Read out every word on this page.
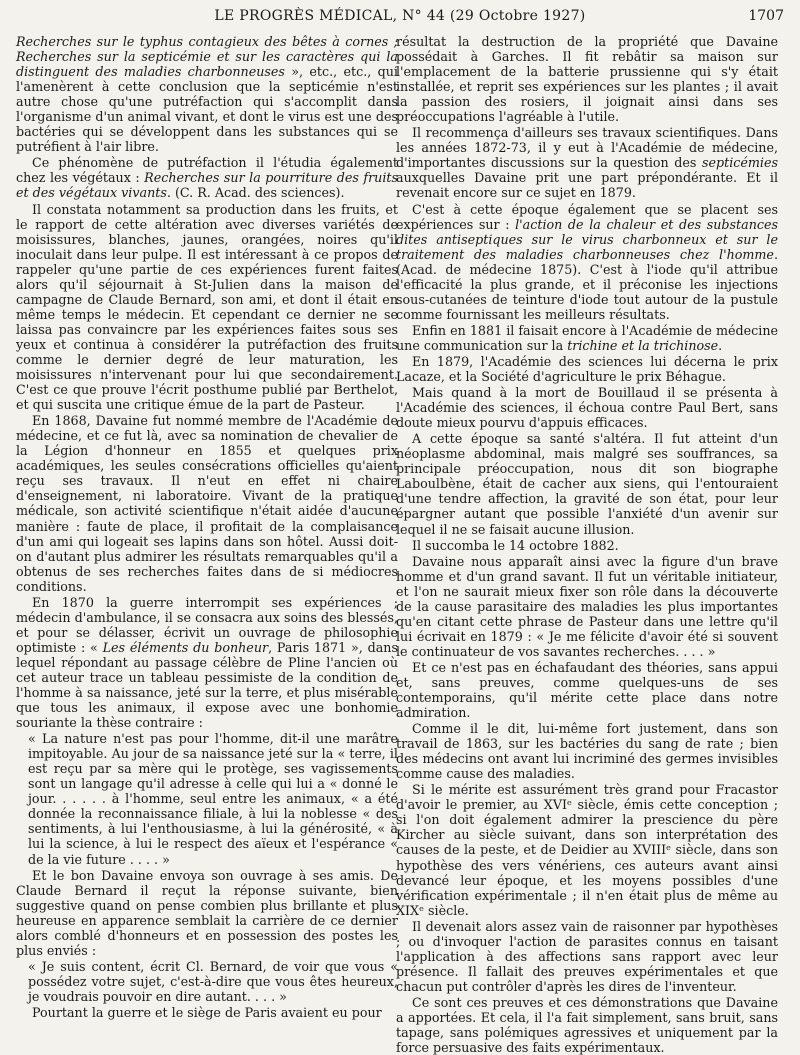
LE PROGRÈS MÉDICAL, N° 44 (29 Octobre 1927)	1707

Recherches sur le typhus contagieux des bêtes à cornes ; Recherches sur la septicémie et sur les caractères qui la distinguent des maladies charbonneuses », etc., etc., qui l'amenèrent à cette conclusion que la septicémie n'est autre chose qu'une putréfaction qui s'accomplit dans l'organisme d'un animal vivant, et dont le virus est une des bactéries qui se développent dans les substances qui se putréfient à l'air libre.

Ce phénomène de putréfaction il l'étudia également chez les végétaux : Recherches sur la pourriture des fruits et des végétaux vivants. (C. R. Acad. des sciences).

Il constata notamment sa production dans les fruits, et le rapport de cette altération avec diverses variétés de moisissures, blanches, jaunes, orangées, noires qu'il inoculait dans leur pulpe. Il est intéressant à ce propos de rappeler qu'une partie de ces expériences furent faites alors qu'il séjournait à St-Julien dans la maison de campagne de Claude Bernard, son ami, et dont il était en même temps le médecin. Et cependant ce dernier ne se laissa pas convaincre par les expériences faites sous ses yeux et continua à considérer la putréfaction des fruits comme le dernier degré de leur maturation, les moisissures n'intervenant pour lui que secondairement. C'est ce que prouve l'écrit posthume publié par Berthelot, et qui suscita une critique émue de la part de Pasteur.

En 1868, Davaine fut nommé membre de l'Académie de médecine, et ce fut là, avec sa nomination de chevalier de la Légion d'honneur en 1855 et quelques prix académiques, les seules consécrations officielles qu'aient reçu ses travaux. Il n'eut en effet ni chaire d'enseignement, ni laboratoire. Vivant de la pratique médicale, son activité scientifique n'était aidée d'aucune manière : faute de place, il profitait de la complaisance d'un ami qui logeait ses lapins dans son hôtel. Aussi doit-on d'autant plus admirer les résultats remarquables qu'il a obtenus de ses recherches faites dans de si médiocres conditions.

En 1870 la guerre interrompit ses expériences ; médecin d'ambulance, il se consacra aux soins des blessés, et pour se délasser, écrivit un ouvrage de philosophie optimiste : « Les éléments du bonheur, Paris 1871 », dans lequel répondant au passage célèbre de Pline l'ancien où cet auteur trace un tableau pessimiste de la condition de l'homme à sa naissance, jeté sur la terre, et plus misérable que tous les animaux, il expose avec une bonhomie souriante la thèse contraire :

« La nature n'est pas pour l'homme, dit-il une marâtre impitoyable. Au jour de sa naissance jeté sur la « terre, il est reçu par sa mère qui le protège, ses vagissements sont un langage qu'il adresse à celle qui lui a « donné le jour. . . . . . à l'homme, seul entre les animaux, « a été donnée la reconnaissance filiale, à lui la noblesse « des sentiments, à lui l'enthousiasme, à lui la générosité, « à lui la science, à lui le respect des aïeux et l'espérance « de la vie future . . . . »

Et le bon Davaine envoya son ouvrage à ses amis. De Claude Bernard il reçut la réponse suivante, bien suggestive quand on pense combien plus brillante et plus heureuse en apparence semblait la carrière de ce dernier alors comblé d'honneurs et en possession des postes les plus enviés :

« Je suis content, écrit Cl. Bernard, de voir que vous « possédez votre sujet, c'est-à-dire que vous êtes heureux, je voudrais pouvoir en dire autant. . . . »

Pourtant la guerre et le siège de Paris avaient eu pour

résultat la destruction de la propriété que Davaine possédait à Garches. Il fit rebâtir sa maison sur l'emplacement de la batterie prussienne qui s'y était installée, et reprit ses expériences sur les plantes ; il avait la passion des rosiers, il joignait ainsi dans ses préoccupations l'agréable à l'utile.

Il recommença d'ailleurs ses travaux scientifiques. Dans les années 1872-73, il y eut à l'Académie de médecine, d'importantes discussions sur la question des septicémies auxquelles Davaine prit une part prépondérante. Et il revenait encore sur ce sujet en 1879.

C'est à cette époque également que se placent ses expériences sur : l'action de la chaleur et des substances dites antiseptiques sur le virus charbonneux et sur le traitement des maladies charbonneuses chez l'homme. (Acad. de médecine 1875). C'est à l'iode qu'il attribue l'efficacité la plus grande, et il préconise les injections sous-cutanées de teinture d'iode tout autour de la pustule comme fournissant les meilleurs résultats.

Enfin en 1881 il faisait encore à l'Académie de médecine une communication sur la trichine et la trichinose.

En 1879, l'Académie des sciences lui décerna le prix Lacaze, et la Société d'agriculture le prix Béhague.

Mais quand à la mort de Bouillaud il se présenta à l'Académie des sciences, il échoua contre Paul Bert, sans doute mieux pourvu d'appuis efficaces.

A cette époque sa santé s'altéra. Il fut atteint d'un néoplasme abdominal, mais malgré ses souffrances, sa principale préoccupation, nous dit son biographe Laboulbène, était de cacher aux siens, qui l'entouraient d'une tendre affection, la gravité de son état, pour leur épargner autant que possible l'anxiété d'un avenir sur lequel il ne se faisait aucune illusion.

Il succomba le 14 octobre 1882.

Davaine nous apparaît ainsi avec la figure d'un brave homme et d'un grand savant. Il fut un véritable initiateur, et l'on ne saurait mieux fixer son rôle dans la découverte de la cause parasitaire des maladies les plus importantes qu'en citant cette phrase de Pasteur dans une lettre qu'il lui écrivait en 1879 : « Je me félicite d'avoir été si souvent le continuateur de vos savantes recherches. . . . »

Et ce n'est pas en échafaudant des théories, sans appui et, sans preuves, comme quelques-uns de ses contemporains, qu'il mérite cette place dans notre admiration.

Comme il le dit, lui-même fort justement, dans son travail de 1863, sur les bactéries du sang de rate ; bien des médecins ont avant lui incriminé des germes invisibles comme cause des maladies.

Si le mérite est assurément très grand pour Fracastor d'avoir le premier, au XVIᵉ siècle, émis cette conception ; si l'on doit également admirer la prescience du père Kircher au siècle suivant, dans son interprétation des causes de la peste, et de Deidier au XVIIIᵉ siècle, dans son hypothèse des vers vénériens, ces auteurs avant ainsi devancé leur époque, et les moyens possibles d'une vérification expérimentale ; il n'en était plus de même au XIXᵉ siècle.

Il devenait alors assez vain de raisonner par hypothèses ; ou d'invoquer l'action de parasites connus en taisant l'application à des affections sans rapport avec leur présence. Il fallait des preuves expérimentales et que chacun put contrôler d'après les dires de l'inventeur.

Ce sont ces preuves et ces démonstrations que Davaine a apportées. Et cela, il l'a fait simplement, sans bruit, sans tapage, sans polémiques agressives et uniquement par la force persuasive des faits expérimentaux.
